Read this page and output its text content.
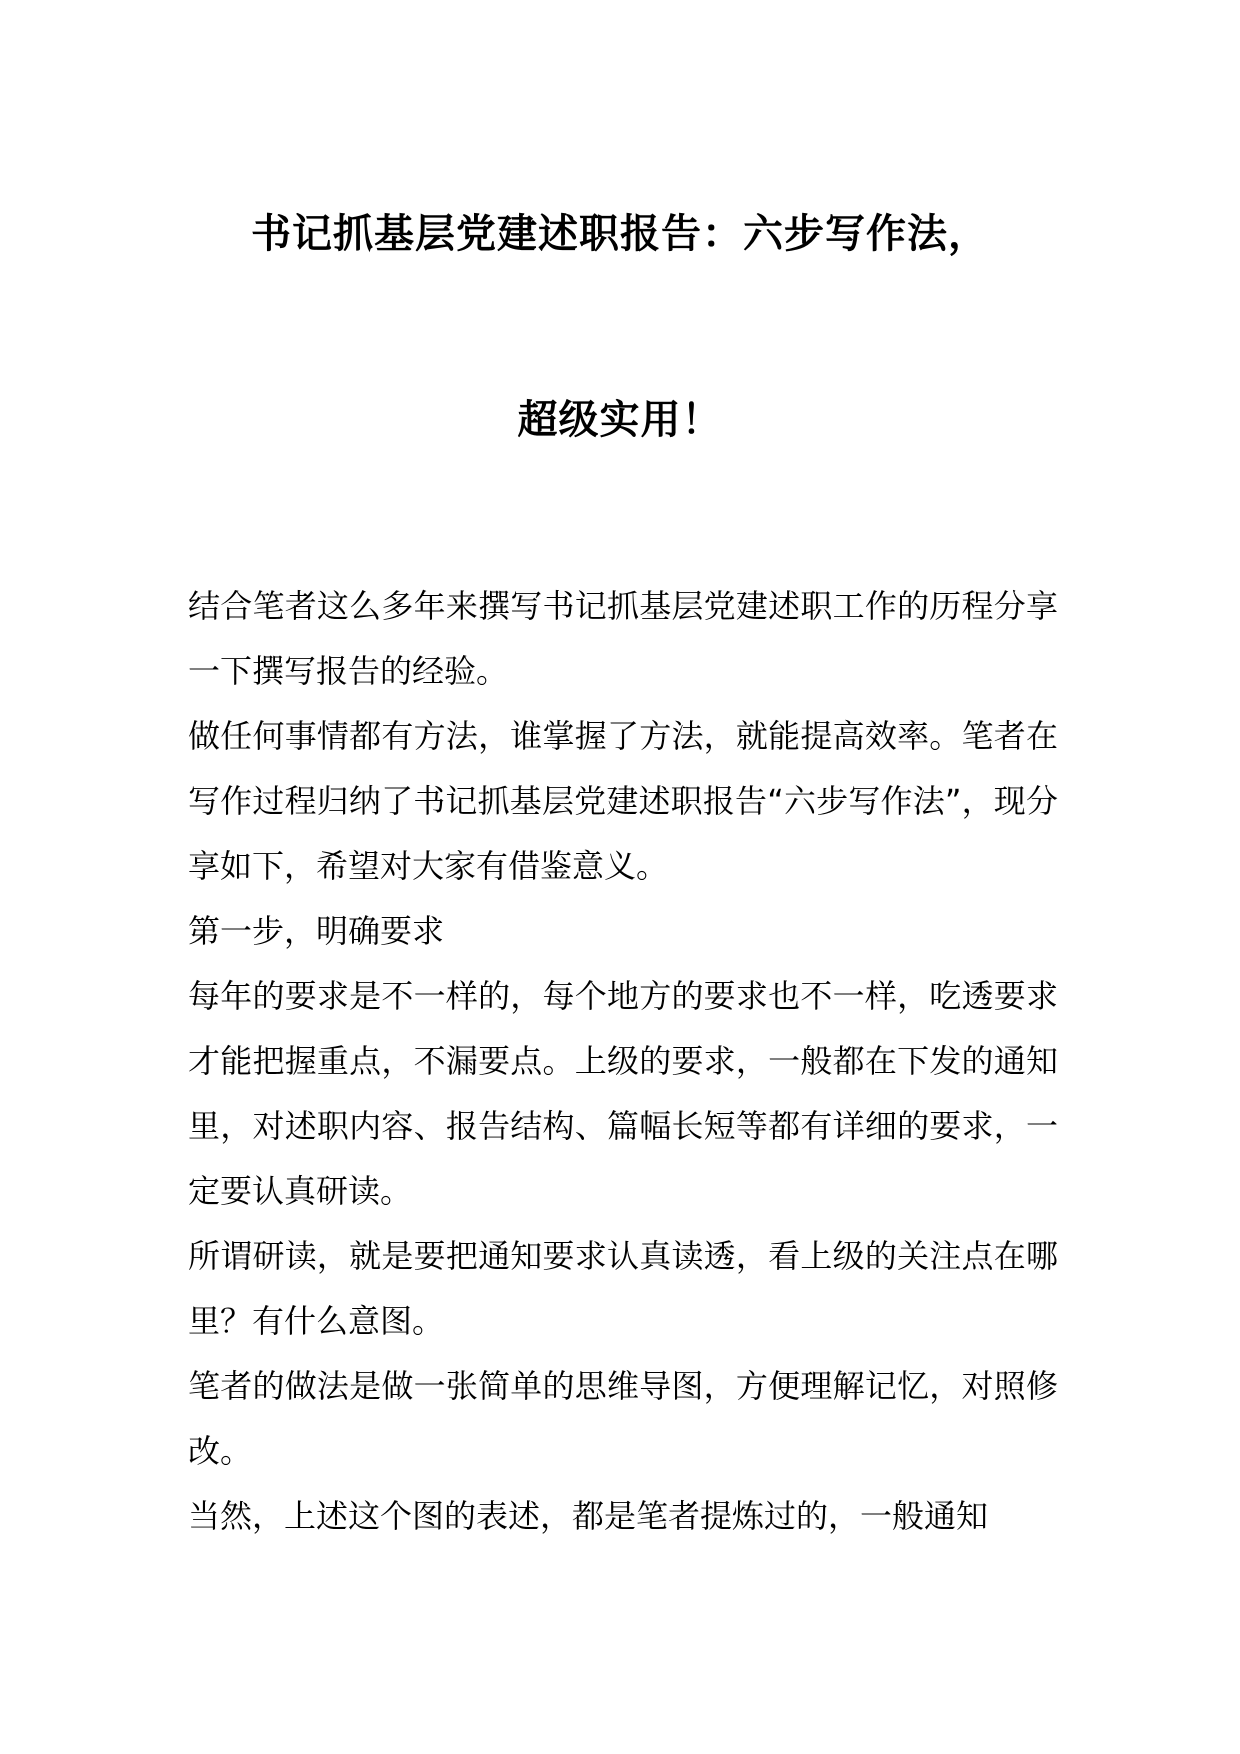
书记抓基层党建述职报告：六步写作法，
超级实用！

结合笔者这么多年来撰写书记抓基层党建述职工作的历程分享一下撰写报告的经验。

做任何事情都有方法，谁掌握了方法，就能提高效率。笔者在写作过程归纳了书记抓基层党建述职报告“六步写作法”，现分享如下，希望对大家有借鉴意义。

第一步，明确要求

每年的要求是不一样的，每个地方的要求也不一样，吃透要求才能把握重点，不漏要点。上级的要求，一般都在下发的通知里，对述职内容、报告结构、篇幅长短等都有详细的要求，一定要认真研读。

所谓研读，就是要把通知要求认真读透，看上级的关注点在哪里？有什么意图。

笔者的做法是做一张简单的思维导图，方便理解记忆，对照修改。

当然，上述这个图的表述，都是笔者提炼过的，一般通知
